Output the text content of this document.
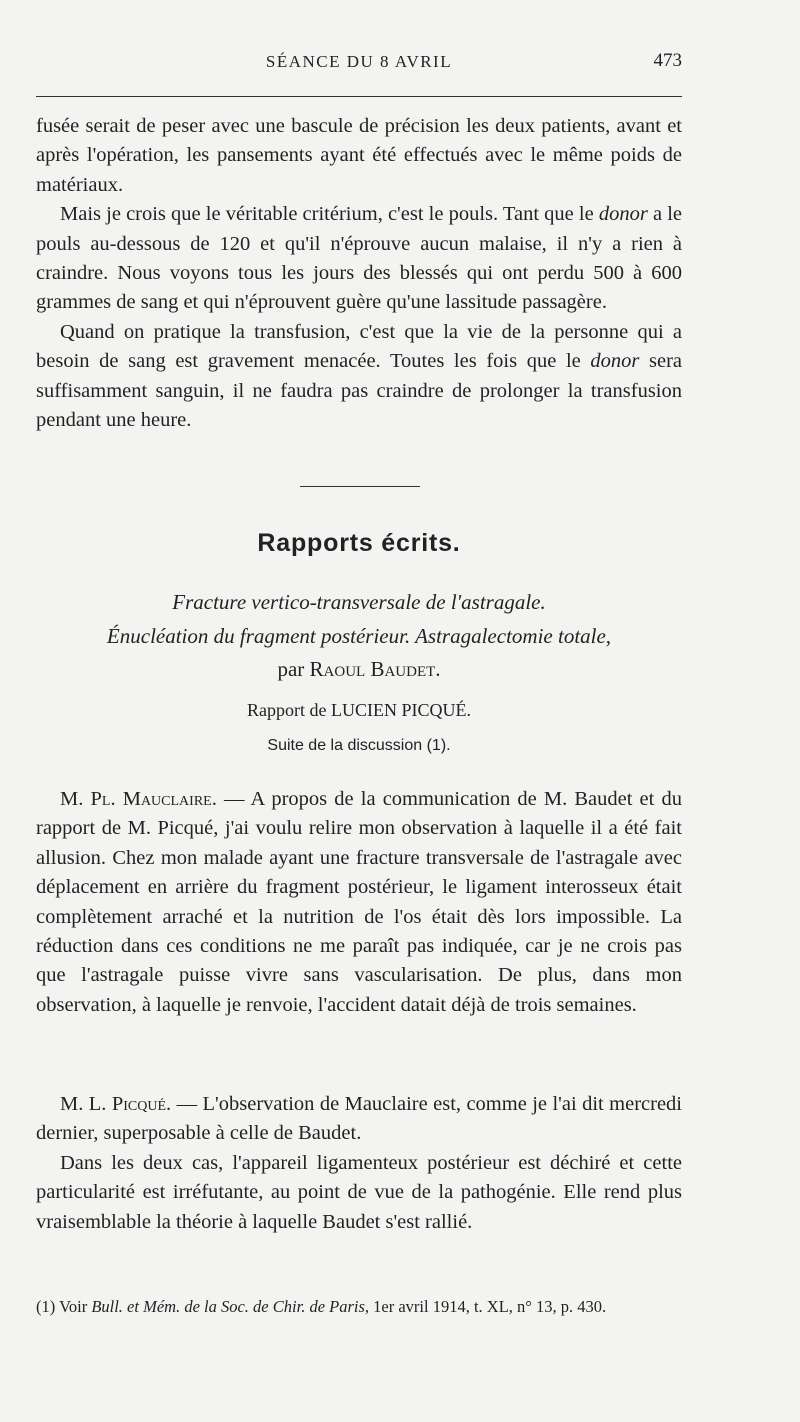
SÉANCE DU 8 AVRIL	473

fusée serait de peser avec une bascule de précision les deux patients, avant et après l'opération, les pansements ayant été effectués avec le même poids de matériaux.

Mais je crois que le véritable critérium, c'est le pouls. Tant que le donor a le pouls au-dessous de 120 et qu'il n'éprouve aucun malaise, il n'y a rien à craindre. Nous voyons tous les jours des blessés qui ont perdu 500 à 600 grammes de sang et qui n'éprouvent guère qu'une lassitude passagère.

Quand on pratique la transfusion, c'est que la vie de la personne qui a besoin de sang est gravement menacée. Toutes les fois que le donor sera suffisamment sanguin, il ne faudra pas craindre de prolonger la transfusion pendant une heure.

Rapports écrits.
Fracture vertico-transversale de l'astragale.
Énucléation du fragment postérieur. Astragalectomie totale,
par Raoul Baudet.
Rapport de LUCIEN PICQUÉ.
Suite de la discussion (1).

M. Pl. Mauclaire. — A propos de la communication de M. Baudet et du rapport de M. Picqué, j'ai voulu relire mon observation à laquelle il a été fait allusion. Chez mon malade ayant une fracture transversale de l'astragale avec déplacement en arrière du fragment postérieur, le ligament interosseux était complètement arraché et la nutrition de l'os était dès lors impossible. La réduction dans ces conditions ne me paraît pas indiquée, car je ne crois pas que l'astragale puisse vivre sans vascularisation. De plus, dans mon observation, à laquelle je renvoie, l'accident datait déjà de trois semaines.

M. L. Picqué. — L'observation de Mauclaire est, comme je l'ai dit mercredi dernier, superposable à celle de Baudet.

Dans les deux cas, l'appareil ligamenteux postérieur est déchiré et cette particularité est irréfutante, au point de vue de la pathogénie. Elle rend plus vraisemblable la théorie à laquelle Baudet s'est rallié.

(1) Voir Bull. et Mém. de la Soc. de Chir. de Paris, 1er avril 1914, t. XL, n° 13, p. 430.
